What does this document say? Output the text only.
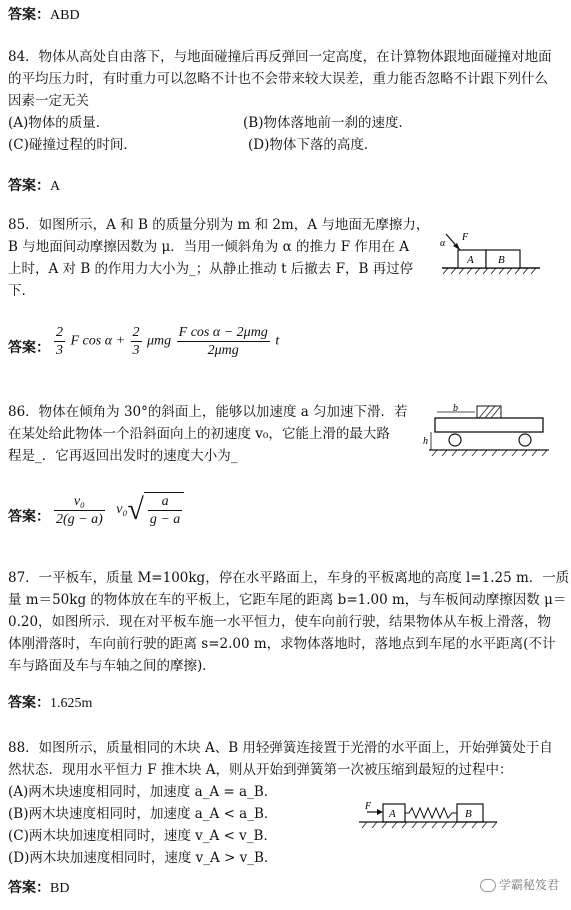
答案：ABD
84．物体从高处自由落下，与地面碰撞后再反弹回一定高度，在计算物体跟地面碰撞对地面
的平均压力时，有时重力可以忽略不计也不会带来较大误差，重力能否忽略不计跟下列什么
因素一定无关
(A)物体的质量．	(B)物体落地前一刹的速度．
(C)碰撞过程的时间．	(D)物体下落的高度．
答案：A
85．如图所示，A 和 B 的质量分别为 m 和 2m，A 与地面无摩擦力，
B 与地面间动摩擦因数为 μ．当用一倾斜角为 α 的推力 F 作用在 A
上时，A 对 B 的作用力大小为_；从静止推动 t 后撤去 F，B 再过停
下.
α
F
A B
答案： $\frac{2}{3}$ F $\cos \alpha + \frac{2}{3}$ μmg $\frac{\text{F cos α − 2μmg}}{\text{2μmg}}$ t
86．物体在倾角为 30°的斜面上，能够以加速度 a 匀加速下滑．若
在某处给此物体一个沿斜面向上的初速度 v₀，它能上滑的最大路
程是_．它再返回出发时的速度大小为_
b
h
答案： $\frac{\text{v₀}}{2(g - a)} v_0√ \frac{a}{g - a}$
87．一平板车，质量 M=100kg，停在水平路面上，车身的平板离地的高度 l=1.25 m．一质
量 m＝50kg 的物体放在车的平板上，它距车尾的距离 b=1.00 m，与车板间动摩擦因数 μ＝
0.20，如图所示．现在对平板车施一水平恒力，使车向前行驶，结果物体从车板上滑落，物
体刚滑落时，车向前行驶的距离 s=2.00 m，求物体落地时，落地点到车尾的水平距离(不计
车与路面及车与车轴之间的摩擦)．
答案：1.625m
88．如图所示，质量相同的木块 A、B 用轻弹簧连接置于光滑的水平面上，开始弹簧处于自
然状态．现用水平恒力 F 推木块 A，则从开始到弹簧第一次被压缩到最短的过程中：
(A)两木块速度相同时，加速度 a_A = a_B．
(B)两木块速度相同时，加速度 a_A < a_B．
(C)两木块加速度相同时，速度 v_A < v_B．
(D)两木块加速度相同时，速度 v_A > v_B．
F
A	B
答案：BD	学霸秘笈君
